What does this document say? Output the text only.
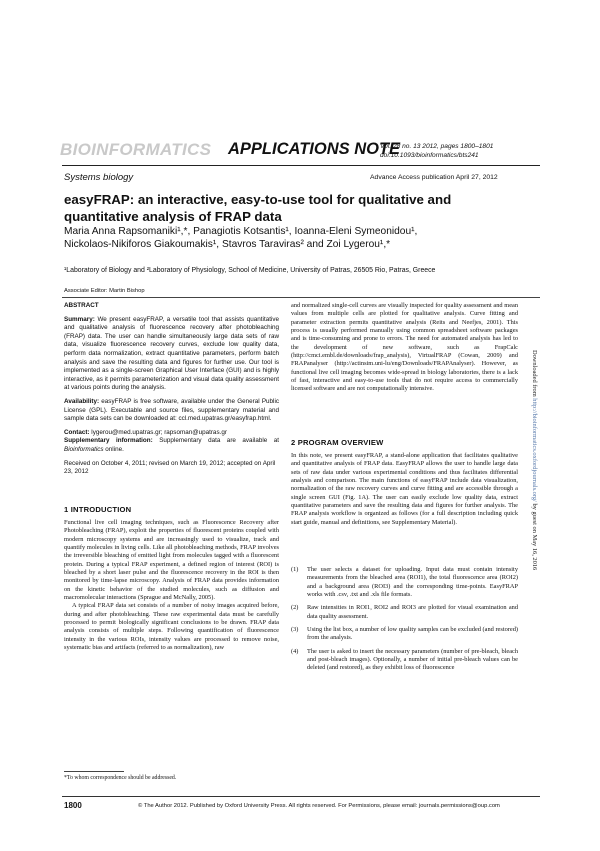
BIOINFORMATICS APPLICATIONS NOTE
Vol. 28 no. 13 2012, pages 1800–1801
doi:10.1093/bioinformatics/bts241
Systems biology	Advance Access publication April 27, 2012
easyFRAP: an interactive, easy-to-use tool for qualitative and quantitative analysis of FRAP data
Maria Anna Rapsomaniki¹,*, Panagiotis Kotsantis¹, Ioanna-Eleni Symeonidou¹,
Nickolaos-Nikiforos Giakoumakis¹, Stavros Taraviras² and Zoi Lygerou¹,*
¹Laboratory of Biology and ²Laboratory of Physiology, School of Medicine, University of Patras, 26505 Rio, Patras, Greece
Associate Editor: Martin Bishop

ABSTRACT

Summary: We present easyFRAP, a versatile tool that assists quantitative and qualitative analysis of fluorescence recovery after photobleaching (FRAP) data. The user can handle simultaneously large data sets of raw data, visualize fluorescence recovery curves, exclude low quality data, perform data normalization, extract quantitative parameters, perform batch analysis and save the resulting data and figures for further use. Our tool is implemented as a single-screen Graphical User Interface (GUI) and is highly interactive, as it permits parameterization and visual data quality assessment at various points during the analysis.

Availability: easyFRAP is free software, available under the General Public License (GPL). Executable and source files, supplementary material and sample data sets can be downloaded at: ccl.med.upatras.gr/easyfrap.html.

Contact: lygerou@med.upatras.gr; rapsoman@upatras.gr

Supplementary information: Supplementary data are available at Bioinformatics online.

Received on October 4, 2011; revised on March 19, 2012; accepted on April 23, 2012

1 INTRODUCTION

Functional live cell imaging techniques, such as Fluorescence Recovery after Photobleaching (FRAP), exploit the properties of fluorescent proteins coupled with modern microscopy systems and are increasingly used to visualize, track and quantify molecules in living cells. Like all photobleaching methods, FRAP involves the irreversible bleaching of emitted light from molecules tagged with a fluorescent protein. During a typical FRAP experiment, a defined region of interest (ROI) is bleached by a short laser pulse and the fluorescence recovery in the ROI is then monitored by time-lapse microscopy. Analysis of FRAP data provides information on the kinetic behavior of the studied molecules, such as diffusion and macromolecular interactions (Sprague and McNally, 2005).

A typical FRAP data set consists of a number of noisy images acquired before, during and after photobleaching. These raw experimental data must be carefully processed to permit biologically significant conclusions to be drawn. FRAP data analysis consists of multiple steps. Following quantification of fluorescence intensity in the various ROIs, intensity values are processed to remove noise, systematic bias and artifacts (referred to as normalization), raw

*To whom correspondence should be addressed.

and normalized single-cell curves are visually inspected for quality assessment and mean values from multiple cells are plotted for qualitative analysis. Curve fitting and parameter extraction permits quantitative analysis (Reits and Neefjes, 2001). This process is usually performed manually using common spreadsheet software packages and is time-consuming and prone to errors. The need for automated analysis has led to the development of new software, such as FrapCalc (http://cmci.embl.de/downloads/frap_analysis), VirtualFRAP (Cowan, 2009) and FRAPanalyser (http://actinsim.uni-lu/eng/Downloads/FRAPAnalyser). However, as functional live cell imaging becomes wide-spread in biology laboratories, there is a lack of fast, interactive and easy-to-use tools that do not require access to commercially licensed software and are not computationally intensive.

2 PROGRAM OVERVIEW

In this note, we present easyFRAP, a stand-alone application that facilitates qualitative and quantitative analysis of FRAP data. EasyFRAP allows the user to handle large data sets of raw data under various experimental conditions and thus facilitates differential analysis and comparison. The main functions of easyFRAP include data visualization, normalization of the raw recovery curves and curve fitting and are accessible through a single screen GUI (Fig. 1A). The user can easily exclude low quality data, extract quantitative parameters and save the resulting data and figures for further analysis. The FRAP analysis workflow is organized as follows (for a full description including quick start guide, manual and definitions, see Supplementary Material).

(1)	The user selects a dataset for uploading. Input data must contain intensity measurements from the bleached area (ROI1), the total fluorescence area (ROI2) and a background area (ROI3) and the corresponding time-points. EasyFRAP works with .csv, .txt and .xls file formats.
(2)	Raw intensities in ROI1, ROI2 and ROI3 are plotted for visual examination and data quality assessment.
(3)	Using the list box, a number of low quality samples can be excluded (and restored) from the analysis.
(4)	The user is asked to insert the necessary parameters (number of pre-bleach, bleach and post-bleach images). Optionally, a number of initial pre-bleach values can be deleted (and restored), as they exhibit loss of fluorescence
1800	© The Author 2012. Published by Oxford University Press. All rights reserved. For Permissions, please email: journals.permissions@oup.com
Downloaded from http://bioinformatics.oxfordjournals.org/ by guest on May 16, 2016
